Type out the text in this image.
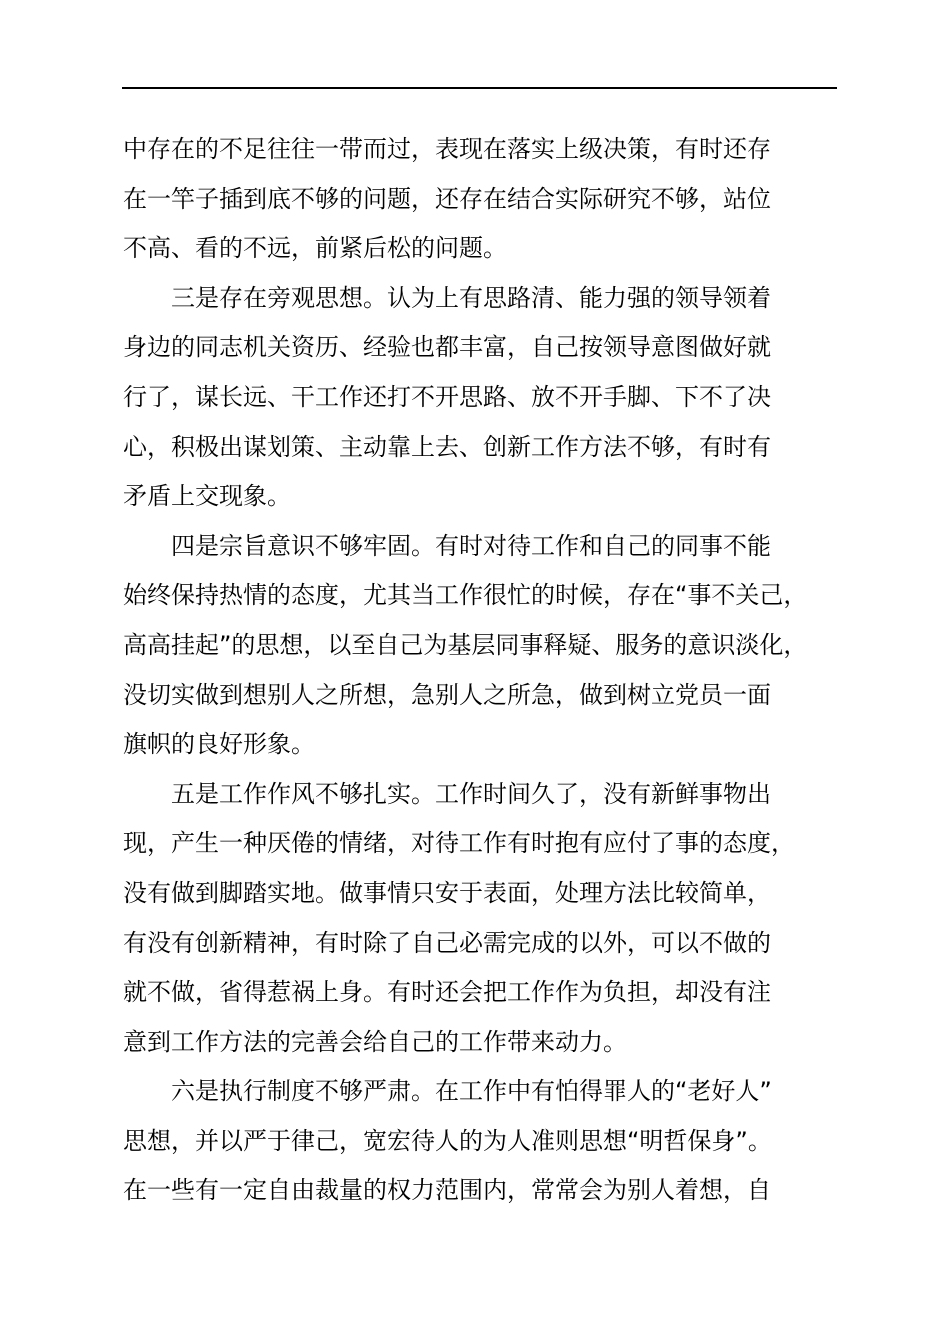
中存在的不足往往一带而过，表现在落实上级决策，有时还存
在一竿子插到底不够的问题，还存在结合实际研究不够，站位
不高、看的不远，前紧后松的问题。
三是存在旁观思想。认为上有思路清、能力强的领导领着
身边的同志机关资历、经验也都丰富，自己按领导意图做好就
行了，谋长远、干工作还打不开思路、放不开手脚、下不了决
心，积极出谋划策、主动靠上去、创新工作方法不够，有时有
矛盾上交现象。
四是宗旨意识不够牢固。有时对待工作和自己的同事不能
始终保持热情的态度，尤其当工作很忙的时候，存在“事不关己，
高高挂起”的思想，以至自己为基层同事释疑、服务的意识淡化，
没切实做到想别人之所想，急别人之所急，做到树立党员一面
旗帜的良好形象。
五是工作作风不够扎实。工作时间久了，没有新鲜事物出
现，产生一种厌倦的情绪，对待工作有时抱有应付了事的态度，
没有做到脚踏实地。做事情只安于表面，处理方法比较简单，
有没有创新精神，有时除了自己必需完成的以外，可以不做的
就不做，省得惹祸上身。有时还会把工作作为负担，却没有注
意到工作方法的完善会给自己的工作带来动力。
六是执行制度不够严肃。在工作中有怕得罪人的“老好人”
思想，并以严于律己，宽宏待人的为人准则思想“明哲保身”。
在一些有一定自由裁量的权力范围内，常常会为别人着想，自
